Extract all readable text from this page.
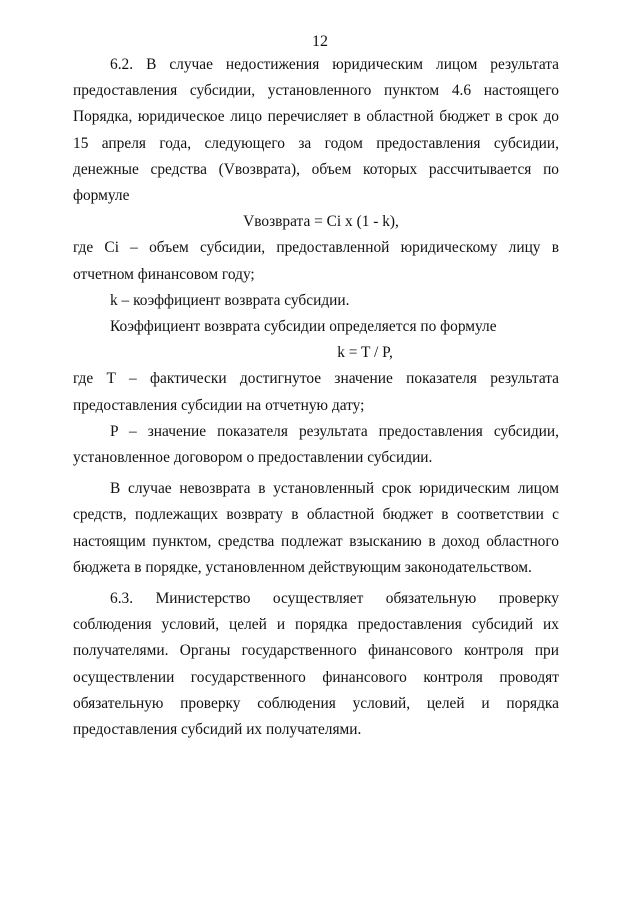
12

6.2. В случае недостижения юридическим лицом результата предоставления субсидии, установленного пунктом 4.6 настоящего Порядка, юридическое лицо перечисляет в областной бюджет в срок до 15 апреля года, следующего за годом предоставления субсидии, денежные средства (Vвозврата), объем которых рассчитывается по формуле

Vвозврата = Ci x (1 - k),

где Ci – объем субсидии, предоставленной юридическому лицу в отчетном финансовом году;

k – коэффициент возврата субсидии.

Коэффициент возврата субсидии определяется по формуле

k = T / P,

где T – фактически достигнутое значение показателя результата предоставления субсидии на отчетную дату;

P – значение показателя результата предоставления субсидии, установленное договором о предоставлении субсидии.

В случае невозврата в установленный срок юридическим лицом средств, подлежащих возврату в областной бюджет в соответствии с настоящим пунктом, средства подлежат взысканию в доход областного бюджета в порядке, установленном действующим законодательством.

6.3. Министерство осуществляет обязательную проверку соблюдения условий, целей и порядка предоставления субсидий их получателями. Органы государственного финансового контроля при осуществлении государственного финансового контроля проводят обязательную проверку соблюдения условий, целей и порядка предоставления субсидий их получателями.
